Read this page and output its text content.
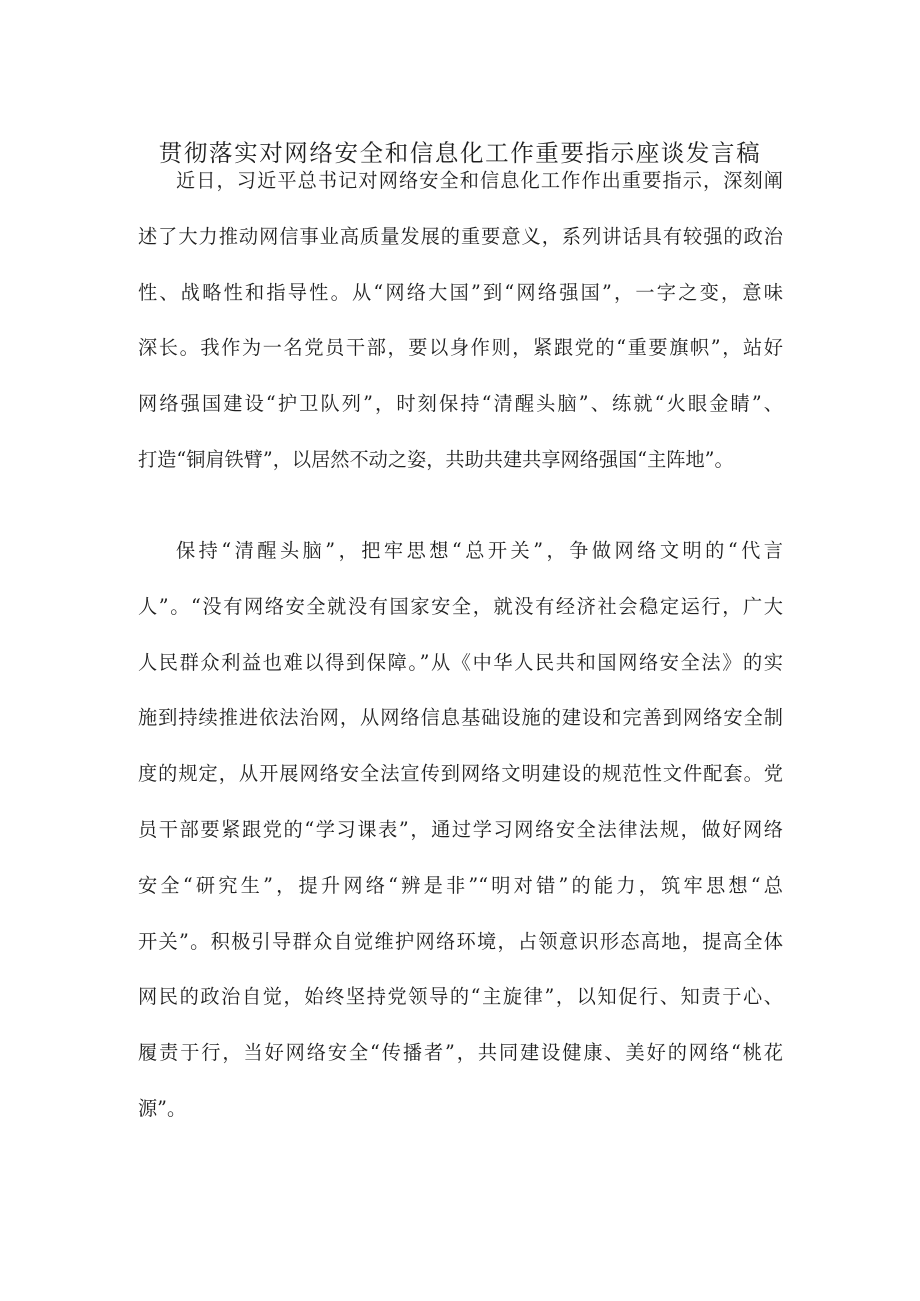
贯彻落实对网络安全和信息化工作重要指示座谈发言稿
近日，习近平总书记对网络安全和信息化工作作出重要指示，深刻阐
述了大力推动网信事业高质量发展的重要意义，系列讲话具有较强的政治
性、战略性和指导性。从“网络大国”到“网络强国”，一字之变，意味
深长。我作为一名党员干部，要以身作则，紧跟党的“重要旗帜”，站好
网络强国建设“护卫队列”，时刻保持“清醒头脑”、练就“火眼金睛”、
打造“铜肩铁臂”，以居然不动之姿，共助共建共享网络强国“主阵地”。
保持“清醒头脑”，把牢思想“总开关”，争做网络文明的“代言
人”。“没有网络安全就没有国家安全，就没有经济社会稳定运行，广大
人民群众利益也难以得到保障。”从《中华人民共和国网络安全法》的实
施到持续推进依法治网，从网络信息基础设施的建设和完善到网络安全制
度的规定，从开展网络安全法宣传到网络文明建设的规范性文件配套。党
员干部要紧跟党的“学习课表”，通过学习网络安全法律法规，做好网络
安全“研究生”，提升网络“辨是非”“明对错”的能力，筑牢思想“总
开关”。积极引导群众自觉维护网络环境，占领意识形态高地，提高全体
网民的政治自觉，始终坚持党领导的“主旋律”，以知促行、知责于心、
履责于行，当好网络安全“传播者”，共同建设健康、美好的网络“桃花
源”。
